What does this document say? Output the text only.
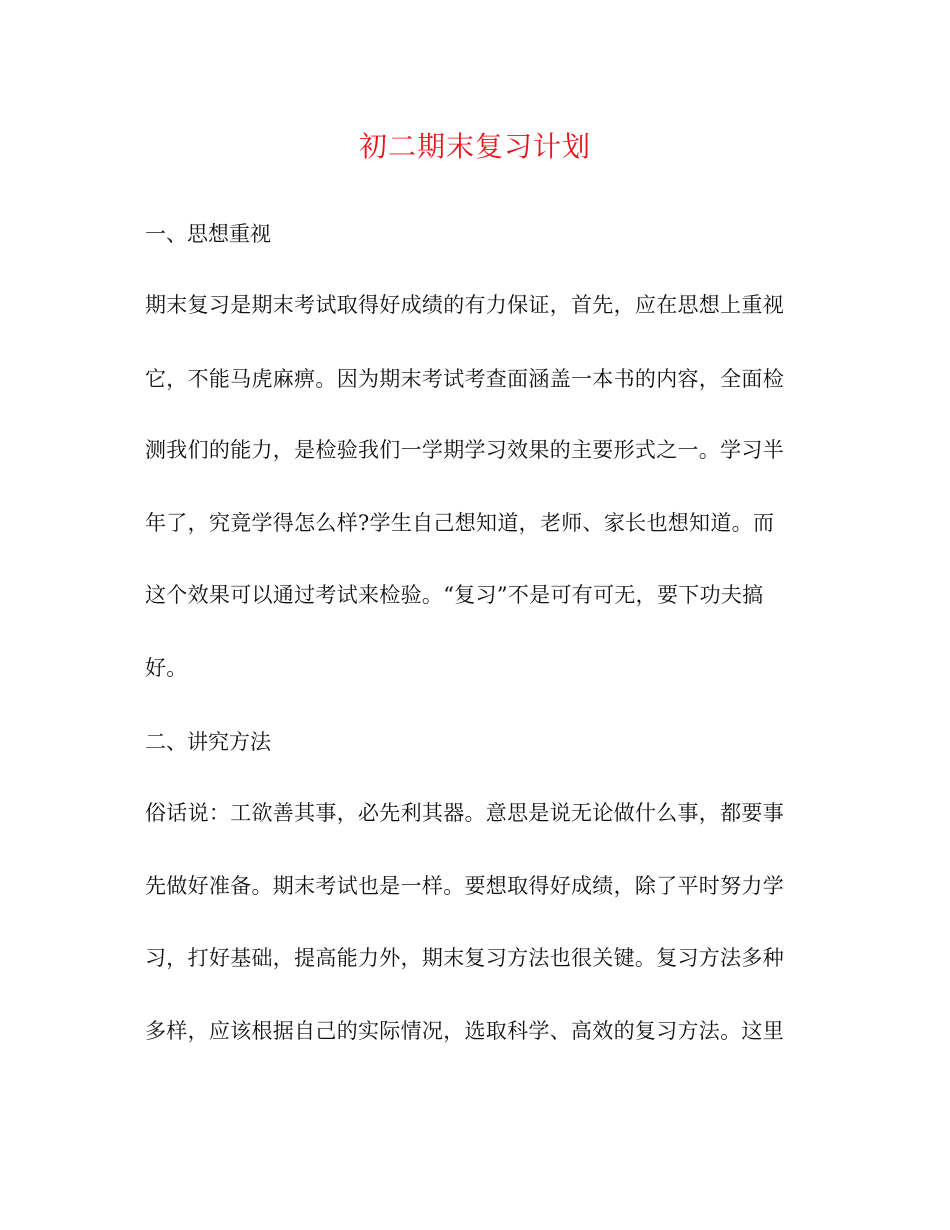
初二期末复习计划
一、思想重视
期末复习是期末考试取得好成绩的有力保证，首先，应在思想上重视
它，不能马虎麻痹。因为期末考试考查面涵盖一本书的内容，全面检
测我们的能力，是检验我们一学期学习效果的主要形式之一。学习半
年了，究竟学得怎么样?学生自己想知道，老师、家长也想知道。而
这个效果可以通过考试来检验。“复习”不是可有可无，要下功夫搞
好。
二、讲究方法
俗话说：工欲善其事，必先利其器。意思是说无论做什么事，都要事
先做好准备。期末考试也是一样。要想取得好成绩，除了平时努力学
习，打好基础，提高能力外，期末复习方法也很关键。复习方法多种
多样，应该根据自己的实际情况，选取科学、高效的复习方法。这里
